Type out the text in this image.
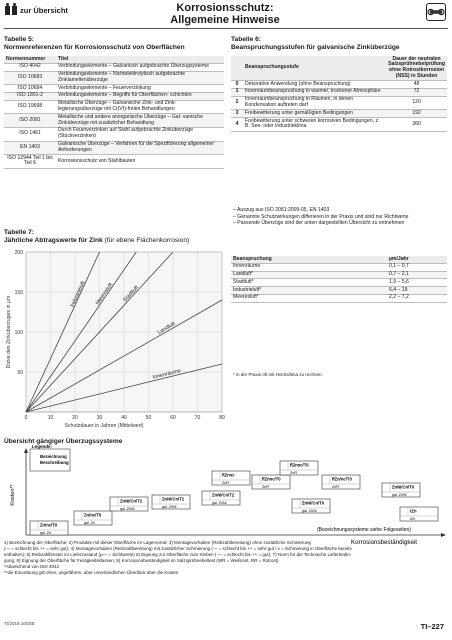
zur Übersicht	Korrosionsschutz:
Allgemeine Hinweise
Tabelle 5:
Normenreferenzen für Korrosionsschutz von Oberflächen
Normennummer	Titel
ISO 4042	Verbindungselemente – Galvanisch aufgebrachte Überzugsysteme
ISO 10683	Verbindungselemente – Nichtelektrolytisch aufgebrachte Zinklamellenüberzüge
ISO 10684	Verbindungselemente – Feuerverzinkung
ISO 1891-2	Verbindungselemente – Begriffe für Oberflächen- schichten
ISO 19598	Metallische Überzüge – Galvanische Zink- und Zink- legierungsüberzüge mit Cr(VI)-freien Behandlungen
ISO 2081	Metallische und andere anorganische Überzüge – Gal- vanische Zinküberzüge mit zusätzlicher Behandlung
ISO 1461	Durch Feuerverzinken auf Stahl aufgebrachte Zinküberzüge (Stückverzinken)
EN 1403	Galvanische Überzüge – Verfahren für die Spezifizierung allgemeiner Anforderungen
ISO 12944 Teil 1 bis Teil 6	Korrosionsschutz von Stahlbauten
Tabelle 6:
Beanspruchungsstufen für galvanische Zinküberzüge
	Beanspruchungsstufe	Dauer der neutralen Salzsprühnebelprüfung ohne Rotrostkorrosion (NSS) in Stunden
0	Dekorative Anwendung (ohne Beanspruchung)	48
1	Innenraumbeanspruchung in warmer, trockener Atmosphäre	72
2	Innenraumbeanspruchung in Räumen, in denen Kondensation auftreten darf	120
3	Freibewitterung unter gemäßigten Bedingungen	192
4	Freibewitterung unter schweren korrosiven Bedingungen, z. B. See- oder Industrieklima	360
– Auszug aus ISO 2081:2009-05, EN 1403
– Genannte Schutzwirkungen differieren in der Praxis und sind nur Richtwerte
– Passende Überzüge sind der unten dargestellten Übersicht zu entnehmen
Tabelle 7:
Jährliche Abtragswerte für Zink (für ebene Flächenkorrosion)
0	10	20	30	40	50	60	70	80
50
100
150
200
Schutzdauer in Jahren (Mittelwert)
Dicke des Zinküberzuges in µm
Industrieluft Meeresluft Stadtluft
Landluft
Innenräume
Beanspruchung	µm/Jahr
Innenräume	0,1 – 0,7
Landluft*	0,7 – 2,1
Stadtluft*	1,9 – 5,6
Industrieluft*	6,4 – 19
Meeresluft*	2,2 – 7,2
* in der Praxis oft mit Höchstlima zu rechnen.
Übersicht gängiger Überzugssysteme
Kosten**
Legende:
Bezeichnung
Beschreibung
Zn/nc/T0
gal. Zn
Zn/nc/T0
gal. Zn
ZnNi/Cn/T2
gal. ZnNi
ZnNi/Cn/T2
gal. ZnNi
ZnNi/Cn/T2
gal. ZnNi
flZnnc/T0
ZnFl
flZnnc/T0
ZnFl
flZn/nc/T0
ZnFl	ZnNi/Cn/T0
gal. ZnNi
ZnNi/Cn/T0
gal. ZnNi
flZnnc
ZnFl
tZn
tZn
(Bezeichnungssysteme siehe Folgeseiten)
Korrosionsbeständigkeit
1) Bezeichnung der Oberfläche; 2) Produkte mit dieser Oberfläche im Lagervorrat; 3) Montagevorhaben (Reibzahlbereitung) ohne zusätzliche Schmierung
(— = schlecht bis ++ = sehr gut); 4) Montagevorhaben (Reibzahlbereitung) mit zusätzlicher Schmierung (— = schlecht bis ++ = sehr gut / x = Schmierung in Oberfläche bereits
enthalten); 5) Reibzahlfenster im Lieferzustand (µ— = Sichtwerte) 6) Eignung zur Oberfläche zum Kleben ( — = schlecht bis ++ = gut); 7) Norm für die Technische Lieferbedin-
gung; 8) Eignung der Oberfläche für Festigkeitsklassen; 9) Korrosionsbeständigkeit im Salzsprühnebeltest (WR = Weißrost, RR = Rotrost)
*Abweichend von ISO 4042
**die Einordnung gilt ohne, ungefähren, aber unverbindlichen Überblick über die Kosten
TI/2019.100DE	TI–227
